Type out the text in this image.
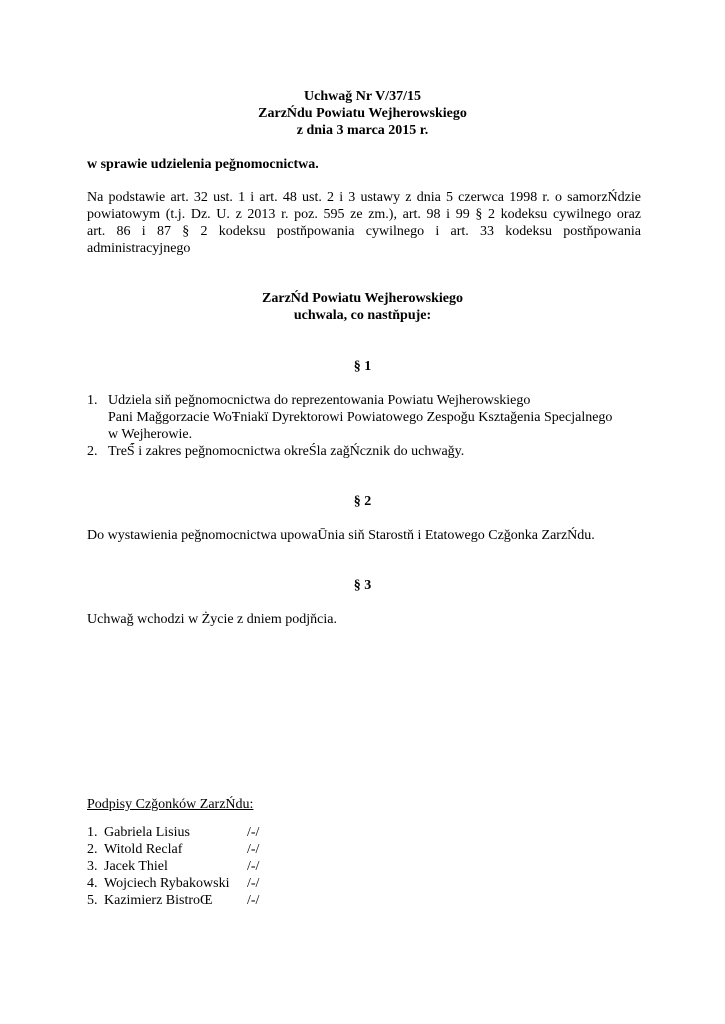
Uchwaǧ Nr V/37/15
ZarzŃdu Powiatu Wejherowskiego
z dnia 3 marca 2015 r.
w sprawie udzielenia peǧnomocnictwa.
Na podstawie art. 32 ust. 1 i art. 48 ust. 2 i 3 ustawy z dnia 5 czerwca 1998 r. o samorzŃdzie
powiatowym (t.j. Dz. U. z 2013 r. poz. 595 ze zm.), art. 98 i 99 § 2 kodeksu cywilnego oraz
art. 86 i 87 § 2 kodeksu postňpowania cywilnego i art. 33 kodeksu postňpowania
administracyjnego
ZarzŃd Powiatu Wejherowskiego
uchwala, co nastňpuje:
§ 1
1. Udziela siň peǧnomocnictwa do reprezentowania Powiatu Wejherowskiego
Pani Maǧgorzacie WoŦniakï Dyrektorowi Powiatowego Zespoǧu Ksztaǧenia Specjalnego
w Wejherowie.
2. TreŚ́ i zakres peǧnomocnictwa okreŚla zaǧŃcznik do uchwaǧy.
§ 2
Do wystawienia peǧnomocnictwa upowaŪnia siň Starostň i Etatowego Czǧonka ZarzŃdu.
§ 3
Uchwaǧ wchodzi w Życie z dniem podjňcia.
Podpisy Czǧonków ZarzŃdu:
1. Gabriela Lisius	/-/
2. Witold Reclaf	/-/
3. Jacek Thiel	/-/
4. Wojciech Rybakowski /-/
5. Kazimierz BistroŒ /-/
